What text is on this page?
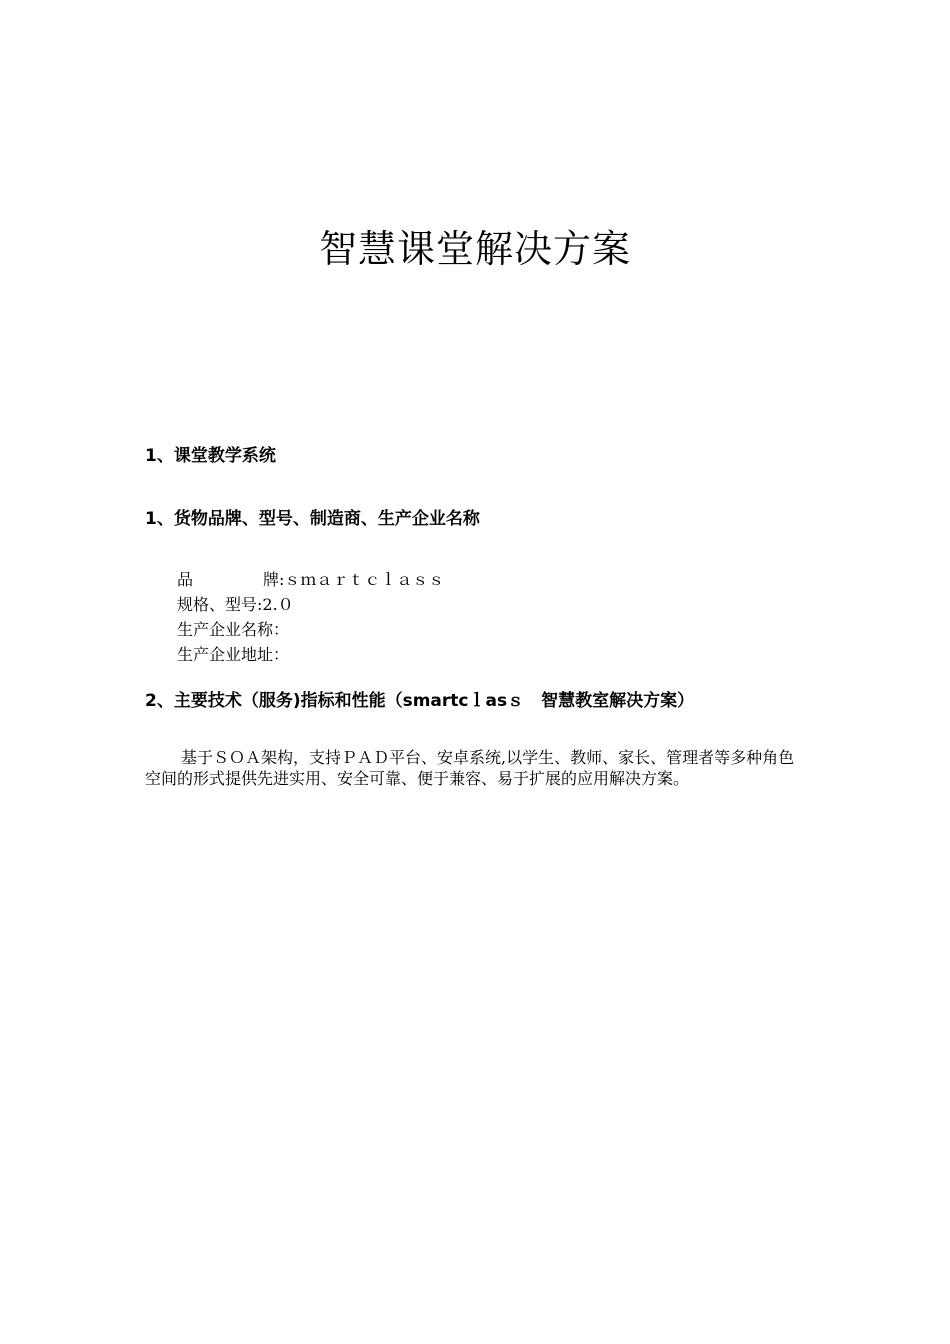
智慧课堂解决方案

1、课堂教学系统

1、货物品牌、型号、制造商、生产企业名称

品	牌:ｓｍａｒｔｃｌａｓｓ
规格、型号:2.０
生产企业名称：
生产企业地址：

2、主要技术（服务)指标和性能（smartcｌasｓ　智慧教室解决方案）

基于ＳＯＡ架构，支持ＰＡＤ平台、安卓系统,以学生、教师、家长、管理者等多种角色空间的形式提供先进实用、安全可靠、便于兼容、易于扩展的应用解决方案。
